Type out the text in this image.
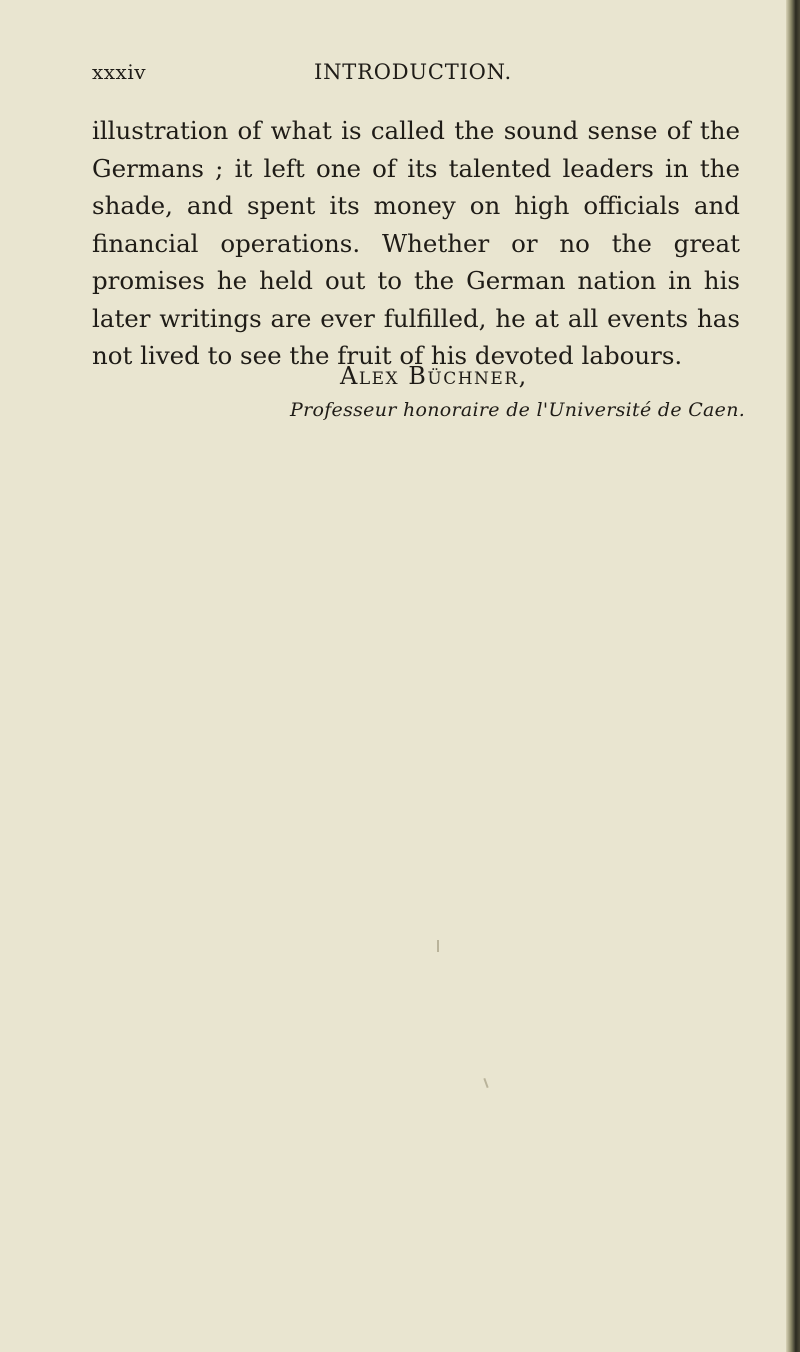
xxxiv	INTRODUCTION.
illustration of what is called the sound sense of the
Germans ; it left one of its talented leaders in the
shade, and spent its money on high officials and
financial operations. Whether or no the great
promises he held out to the German nation in his
later writings are ever fulfilled, he at all events has
not lived to see the fruit of his devoted labours.
Alex Büchner,
Professeur honoraire de l'Université de Caen.
